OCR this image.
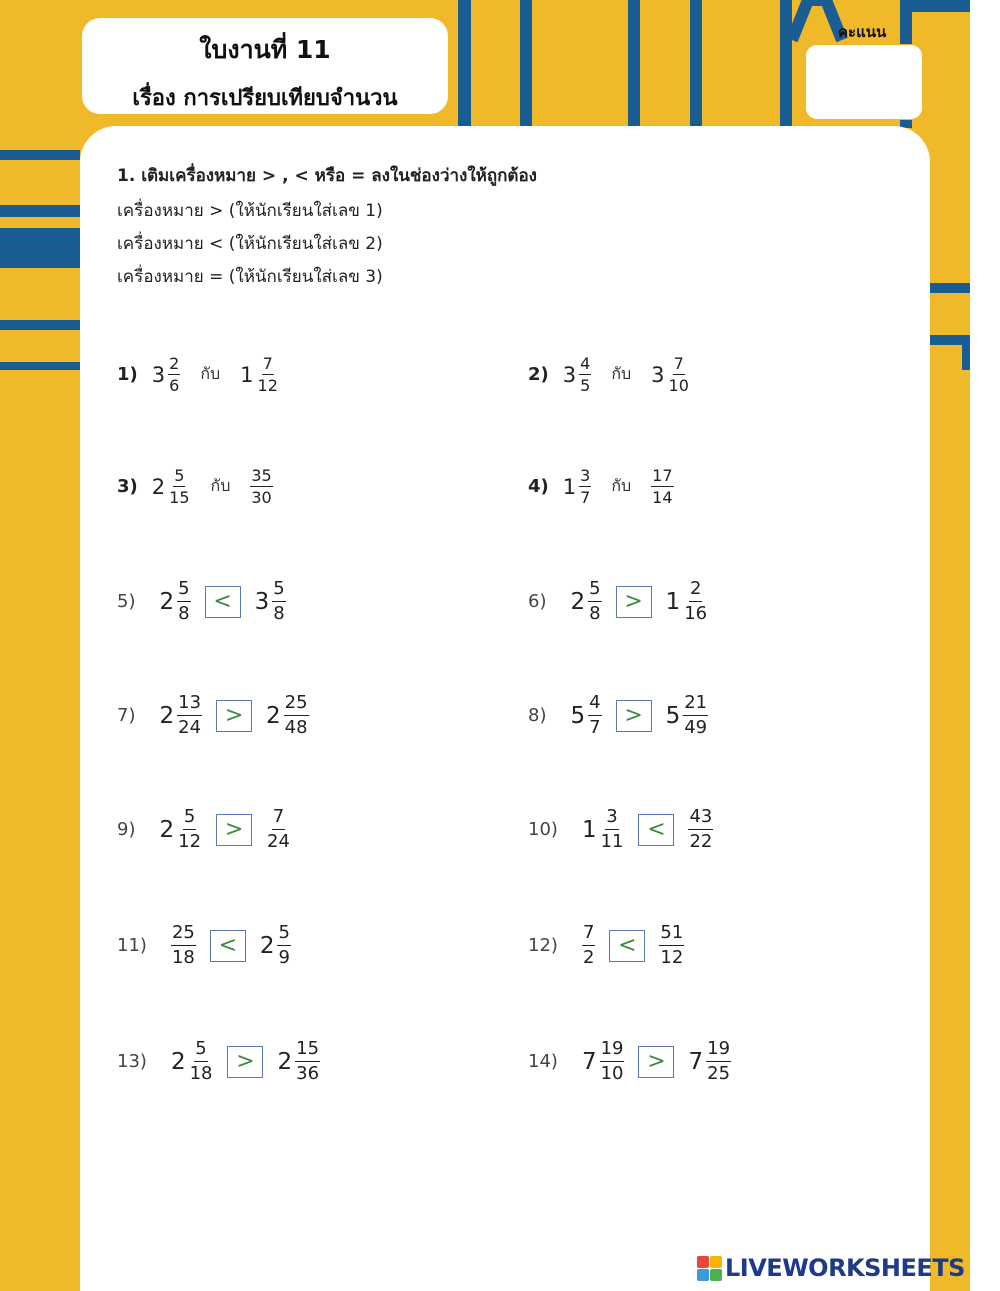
ใบงานที่ 11
เรื่อง การเปรียบเทียบจำนวน
คะแนน
1. เติมเครื่องหมาย > , < หรือ = ลงในช่องว่างให้ถูกต้อง
เครื่องหมาย > (ให้นักเรียนใส่เลข 1)
เครื่องหมาย < (ให้นักเรียนใส่เลข 2)
เครื่องหมาย = (ให้นักเรียนใส่เลข 3)
1) $3 \frac{2}{6}$ กับ $1 \frac{7}{12}$	2) $3 \frac{4}{5}$ กับ $3 \frac{7}{10}$
3) $2 \frac{5}{15}$ กับ $\frac{35}{30}$	4) $1 \frac{3}{7}$ กับ $\frac{17}{14}$
5) $2 \frac{5}{8}$	< $3 \frac{5}{8}$	6) $2 \frac{5}{8}$	> $1 \frac{2}{16}$
7) $2 \frac{13}{24}$	> $2 \frac{25}{48}$	8) $5 \frac{4}{7}$	> $5 \frac{21}{49}$
9) $2 \frac{5}{12}$	>	$\frac{7}{24}$	10) $1 \frac{3}{11}$	<	$\frac{43}{22}$
$11) \frac{25}{18}$	< $2 \frac{5}{9}$	$12) \frac{7}{2}$	<	$\frac{51}{12}$
13) $2 \frac{5}{18}$	> $2 \frac{15}{36}$	14) $7 \frac{19}{10}$	> $7 \frac{19}{25}$
LIVEWORKSHEETS
